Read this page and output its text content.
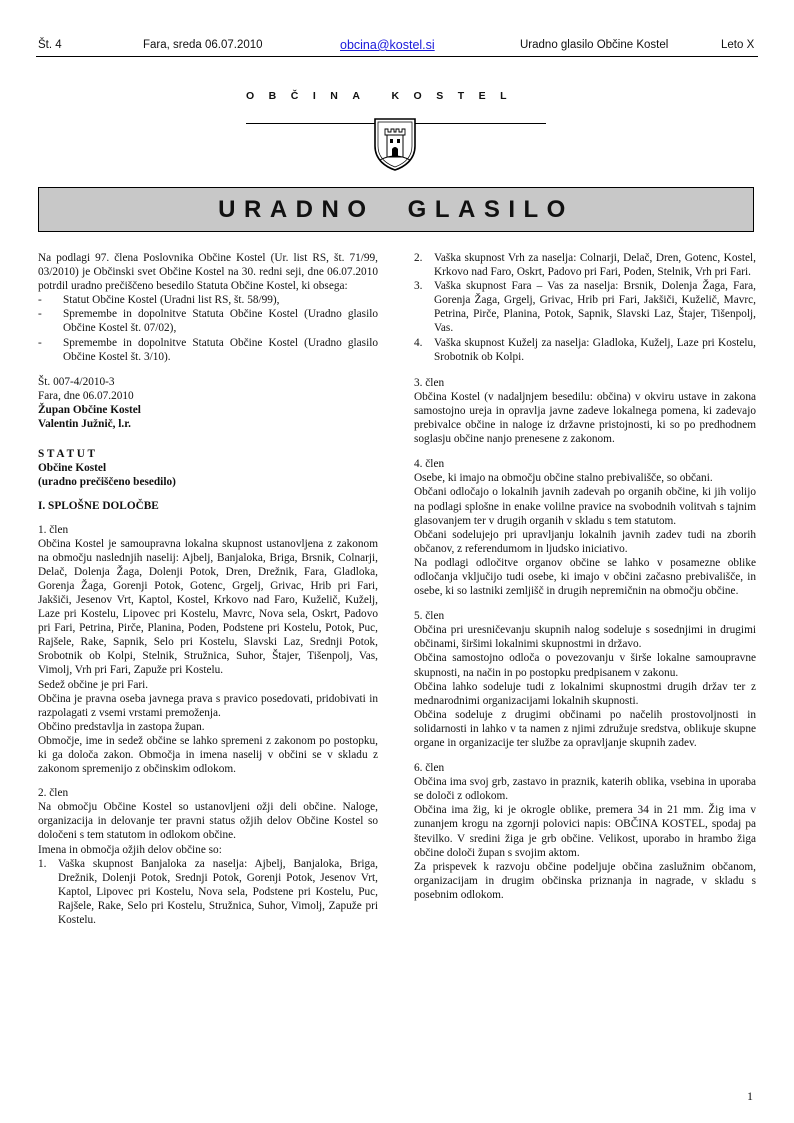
Št. 4	Fara, sreda 06.07.2010	obcina@kostel.si	Uradno glasilo Občine Kostel	Leto X
OBČINA KOSTEL
URADNO GLASILO

Na podlagi 97. člena Poslovnika Občine Kostel (Ur. list RS, št. 71/99, 03/2010) je Občinski svet Občine Kostel na 30. redni seji, dne 06.07.2010 potrdil uradno prečiščeno besedilo Statuta Občine Kostel, ki obsega:

- Statut Občine Kostel (Uradni list RS, št. 58/99),
- Spremembe in dopolnitve Statuta Občine Kostel (Uradno glasilo Občine Kostel št. 07/02),
- Spremembe in dopolnitve Statuta Občine Kostel (Uradno glasilo Občine Kostel št. 3/10).

Št. 007-4/2010-3

Fara, dne 06.07.2010

Župan Občine Kostel

Valentin Južnič, l.r.

S T A T U T

Občine Kostel

(uradno prečiščeno besedilo)

I. SPLOŠNE DOLOČBE

1. člen

Občina Kostel je samoupravna lokalna skupnost ustanovljena z zakonom na območju naslednjih naselij: Ajbelj, Banjaloka, Briga, Brsnik, Colnarji, Delač, Dolenja Žaga, Dolenji Potok, Dren, Drežnik, Fara, Gladloka, Gorenja Žaga, Gorenji Potok, Gotenc, Grgelj, Grivac, Hrib pri Fari, Jakšiči, Jesenov Vrt, Kaptol, Kostel, Krkovo nad Faro, Kuželič, Kuželj, Laze pri Kostelu, Lipovec pri Kostelu, Mavrc, Nova sela, Oskrt, Padovo pri Fari, Petrina, Pirče, Planina, Poden, Podstene pri Kostelu, Potok, Puc, Rajšele, Rake, Sapnik, Selo pri Kostelu, Slavski Laz, Srednji Potok, Srobotnik ob Kolpi, Stelnik, Stružnica, Suhor, Štajer, Tišenpolj, Vas, Vimolj, Vrh pri Fari, Zapuže pri Kostelu.

Sedež občine je pri Fari.

Občina je pravna oseba javnega prava s pravico posedovati, pridobivati in razpolagati z vsemi vrstami premoženja.

Občino predstavlja in zastopa župan.

Območje, ime in sedež občine se lahko spremeni z zakonom po postopku, ki ga določa zakon. Območja in imena naselij v občini se v skladu z zakonom spremenijo z občinskim odlokom.

2. člen

Na območju Občine Kostel so ustanovljeni ožji deli občine. Naloge, organizacija in delovanje ter pravni status ožjih delov Občine Kostel so določeni s tem statutom in odlokom občine.

Imena in območja ožjih delov občine so:

1. Vaška skupnost Banjaloka za naselja: Ajbelj, Banjaloka, Briga, Drežnik, Dolenji Potok, Srednji Potok, Gorenji Potok, Jesenov Vrt, Kaptol, Lipovec pri Kostelu, Nova sela, Podstene pri Kostelu, Puc, Rajšele, Rake, Selo pri Kostelu, Stružnica, Suhor, Vimolj, Zapuže pri Kostelu.
2. Vaška skupnost Vrh za naselja: Colnarji, Delač, Dren, Gotenc, Kostel, Krkovo nad Faro, Oskrt, Padovo pri Fari, Poden, Stelnik, Vrh pri Fari.
3. Vaška skupnost Fara – Vas za naselja: Brsnik, Dolenja Žaga, Fara, Gorenja Žaga, Grgelj, Grivac, Hrib pri Fari, Jakšiči, Kuželič, Mavrc, Petrina, Pirče, Planina, Potok, Sapnik, Slavski Laz, Štajer, Tišenpolj, Vas.
4. Vaška skupnost Kuželj za naselja: Gladloka, Kuželj, Laze pri Kostelu, Srobotnik ob Kolpi.

3. člen

Občina Kostel (v nadaljnjem besedilu: občina) v okviru ustave in zakona samostojno ureja in opravlja javne zadeve lokalnega pomena, ki zadevajo prebivalce občine in naloge iz državne pristojnosti, ki so po predhodnem soglasju občine nanjo prenesene z zakonom.

4. člen

Osebe, ki imajo na območju občine stalno prebivališče, so občani.

Občani odločajo o lokalnih javnih zadevah po organih občine, ki jih volijo na podlagi splošne in enake volilne pravice na svobodnih volitvah s tajnim glasovanjem ter v drugih organih v skladu s tem statutom.

Občani sodelujejo pri upravljanju lokalnih javnih zadev tudi na zborih občanov, z referendumom in ljudsko iniciativo.

Na podlagi odločitve organov občine se lahko v posamezne oblike odločanja vključijo tudi osebe, ki imajo v občini začasno prebivališče, in osebe, ki so lastniki zemljišč in drugih nepremičnin na območju občine.

5. člen

Občina pri uresničevanju skupnih nalog sodeluje s sosednjimi in drugimi občinami, širšimi lokalnimi skupnostmi in državo.

Občina samostojno odloča o povezovanju v širše lokalne samoupravne skupnosti, na način in po postopku predpisanem v zakonu.

Občina lahko sodeluje tudi z lokalnimi skupnostmi drugih držav ter z mednarodnimi organizacijami lokalnih skupnosti.

Občina sodeluje z drugimi občinami po načelih prostovoljnosti in solidarnosti in lahko v ta namen z njimi združuje sredstva, oblikuje skupne organe in organizacije ter službe za opravljanje skupnih zadev.

6. člen

Občina ima svoj grb, zastavo in praznik, katerih oblika, vsebina in uporaba se določi z odlokom.

Občina ima žig, ki je okrogle oblike, premera 34 in 21 mm. Žig ima v zunanjem krogu na zgornji polovici napis: OBČINA KOSTEL, spodaj pa številko. V sredini žiga je grb občine. Velikost, uporabo in hrambo žiga občine določi župan s svojim aktom.

Za prispevek k razvoju občine podeljuje občina zaslužnim občanom, organizacijam in drugim občinska priznanja in nagrade, v skladu s posebnim odlokom.

1
